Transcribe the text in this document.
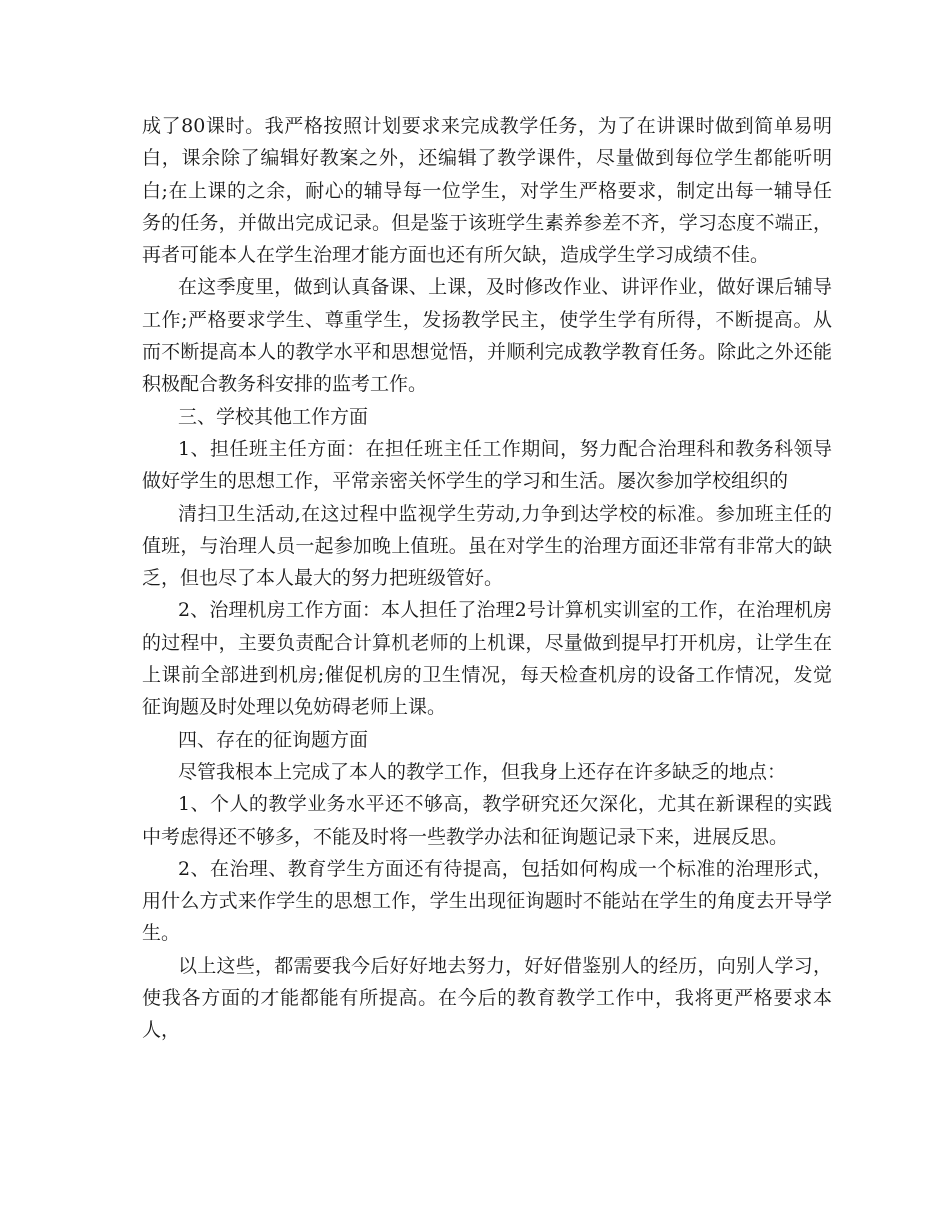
成了80课时。我严格按照计划要求来完成教学任务，为了在讲课时做到简单易明白，课余除了编辑好教案之外，还编辑了教学课件，尽量做到每位学生都能听明白;在上课的之余，耐心的辅导每一位学生，对学生严格要求，制定出每一辅导任务的任务，并做出完成记录。但是鉴于该班学生素养参差不齐，学习态度不端正，再者可能本人在学生治理才能方面也还有所欠缺，造成学生学习成绩不佳。

在这季度里，做到认真备课、上课，及时修改作业、讲评作业，做好课后辅导工作;严格要求学生、尊重学生，发扬教学民主，使学生学有所得，不断提高。从而不断提高本人的教学水平和思想觉悟，并顺利完成教学教育任务。除此之外还能积极配合教务科安排的监考工作。

三、学校其他工作方面

1、担任班主任方面：在担任班主任工作期间，努力配合治理科和教务科领导做好学生的思想工作，平常亲密关怀学生的学习和生活。屡次参加学校组织的

清扫卫生活动,在这过程中监视学生劳动,力争到达学校的标准。参加班主任的值班，与治理人员一起参加晚上值班。虽在对学生的治理方面还非常有非常大的缺乏，但也尽了本人最大的努力把班级管好。

2、治理机房工作方面：本人担任了治理2号计算机实训室的工作，在治理机房的过程中，主要负责配合计算机老师的上机课，尽量做到提早打开机房，让学生在上课前全部进到机房;催促机房的卫生情况，每天检查机房的设备工作情况，发觉征询题及时处理以免妨碍老师上课。

四、存在的征询题方面

尽管我根本上完成了本人的教学工作，但我身上还存在许多缺乏的地点：

1、个人的教学业务水平还不够高，教学研究还欠深化，尤其在新课程的实践中考虑得还不够多，不能及时将一些教学办法和征询题记录下来，进展反思。

2、在治理、教育学生方面还有待提高，包括如何构成一个标准的治理形式，用什么方式来作学生的思想工作，学生出现征询题时不能站在学生的角度去开导学生。

以上这些，都需要我今后好好地去努力，好好借鉴别人的经历，向别人学习，使我各方面的才能都能有所提高。在今后的教育教学工作中，我将更严格要求本人，
